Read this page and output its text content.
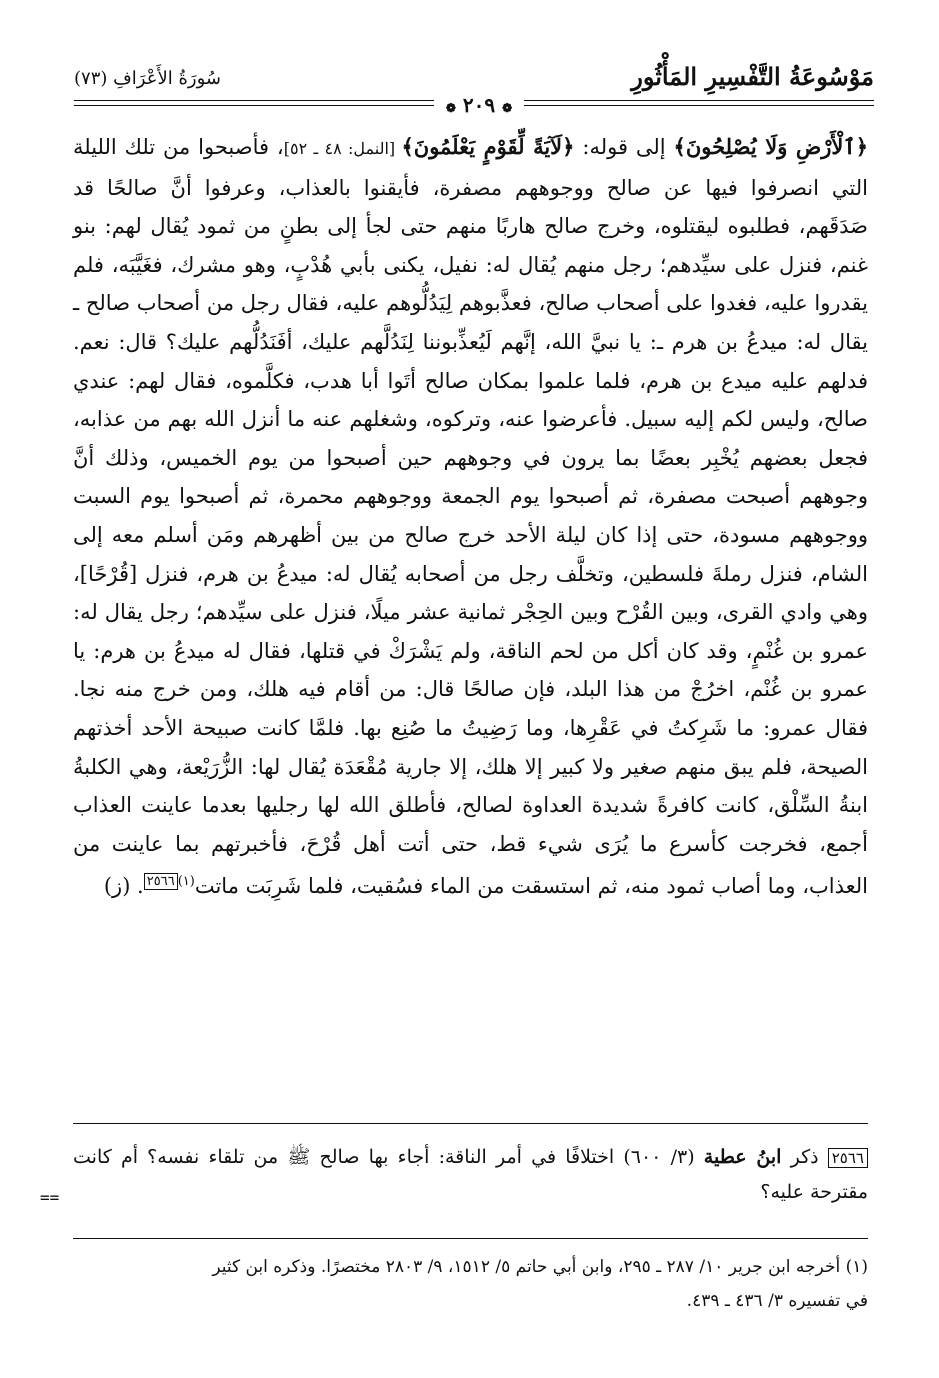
مَوْسُوعَةُ التَّفْسِيرِ المَأْثُورِ
سُورَةُ الأَعْرَافِ (٧٣)
❁ ٢٠٩ ❁

﴿ٱلْأَرْضِ وَلَا يُصْلِحُونَ﴾ إلى قوله: ﴿لَآيَةً لِّقَوْمٍ يَعْلَمُونَ﴾ [النمل: ٤٨ ـ ٥٢]، فأصبحوا من تلك الليلة التي انصرفوا فيها عن صالح ووجوههم مصفرة، فأيقنوا بالعذاب، وعرفوا أنَّ صالحًا قد صَدَقَهم، فطلبوه ليقتلوه، وخرج صالح هاربًا منهم حتى لجأ إلى بطنٍ من ثمود يُقال لهم: بنو غنم، فنزل على سيِّدهم؛ رجل منهم يُقال له: نفيل، يكنى بأبي هُدْبٍ، وهو مشرك، فغَيَّبَه، فلم يقدروا عليه، فغدوا على أصحاب صالح، فعذَّبوهم لِيَدُلُّوهم عليه، فقال رجل من أصحاب صالح ـ يقال له: ميدعُ بن هرم ـ: يا نبيَّ الله، إنَّهم لَيُعذِّبوننا لِنَدُلَّهم عليك، أفَنَدُلُّهم عليك؟ قال: نعم. فدلهم عليه ميدع بن هرم، فلما علموا بمكان صالح أتَوا أبا هدب، فكلَّموه، فقال لهم: عندي صالح، وليس لكم إليه سبيل. فأعرضوا عنه، وتركوه، وشغلهم عنه ما أنزل الله بهم من عذابه، فجعل بعضهم يُخْبِر بعضًا بما يرون في وجوههم حين أصبحوا من يوم الخميس، وذلك أنَّ وجوههم أصبحت مصفرة، ثم أصبحوا يوم الجمعة ووجوههم محمرة، ثم أصبحوا يوم السبت ووجوههم مسودة، حتى إذا كان ليلة الأحد خرج صالح من بين أظهرهم ومَن أسلم معه إلى الشام، فنزل رملةَ فلسطين، وتخلَّف رجل من أصحابه يُقال له: ميدعُ بن هرم، فنزل [قُرْحًا]، وهي وادي القرى، وبين القُرْح وبين الحِجْر ثمانية عشر ميلًا، فنزل على سيِّدهم؛ رجل يقال له: عمرو بن غُنْمٍ، وقد كان أكل من لحم الناقة، ولم يَشْرَكْ في قتلها، فقال له ميدعُ بن هرم: يا عمرو بن غُنْم، اخرُجْ من هذا البلد، فإن صالحًا قال: من أقام فيه هلك، ومن خرج منه نجا. فقال عمرو: ما شَرِكتُ في عَقْرِها، وما رَضِيتُ ما صُنِع بها. فلمَّا كانت صبيحة الأحد أخذتهم الصيحة، فلم يبق منهم صغير ولا كبير إلا هلك، إلا جارية مُقْعَدَة يُقال لها: الزُّرَيْعة، وهي الكلبةُ ابنةُ السِّلْق، كانت كافرةً شديدة العداوة لصالح، فأطلق الله لها رجليها بعدما عاينت العذاب أجمع، فخرجت كأسرع ما يُرَى شيء قط، حتى أتت أهل قُرْحَ، فأخبرتهم بما عاينت من العذاب، وما أصاب ثمود منه، ثم استسقت من الماء فسُقيت، فلما شَرِبَت ماتت$^{(١)٢٥٦٦}$. (ز)

٢٥٦٦ ذكر ابنُ عطية (٣/ ٦٠٠) اختلافًا في أمر الناقة: أجاء بها صالح ﷺ من تلقاء نفسه؟ أم كانت مقترحة عليه؟

==

(١) أخرجه ابن جرير ١٠/ ٢٨٧ ـ ٢٩٥، وابن أبي حاتم ٥/ ١٥١٢، ٩/ ٢٨٠٣ مختصرًا. وذكره ابن كثير

في تفسيره ٣/ ٤٣٦ ـ ٤٣٩.
